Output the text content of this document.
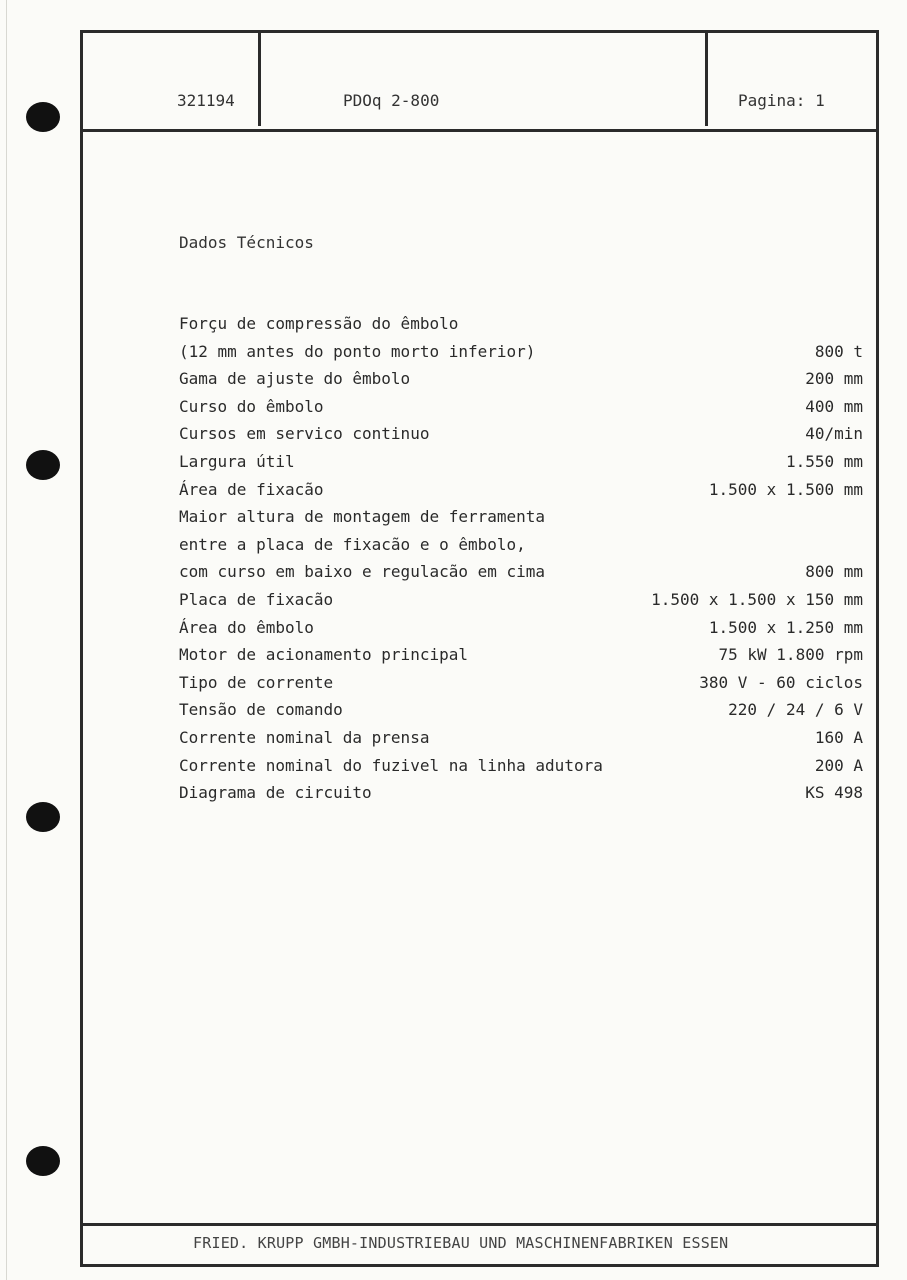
321194	PDOq 2-800	Pagina: 1
Dados Técnicos
Forçu de compressão do êmbolo
(12 mm antes do ponto morto inferior)	800 t
Gama de ajuste do êmbolo	200 mm
Curso do êmbolo	400 mm
Cursos em servico continuo	40/min
Largura útil	1.550 mm
Área de fixacão	1.500 x 1.500 mm
Maior altura de montagem de ferramenta
entre a placa de fixacão e o êmbolo,
com curso em baixo e regulacão em cima	800 mm
Placa de fixacão	1.500 x 1.500 x 150 mm
Área do êmbolo	1.500 x 1.250 mm
Motor de acionamento principal	75 kW 1.800 rpm
Tipo de corrente	380 V - 60 ciclos
Tensão de comando	220 / 24 / 6 V
Corrente nominal da prensa	160 A
Corrente nominal do fuzivel na linha adutora	200 A
Diagrama de circuito	KS 498
FRIED. KRUPP GMBH-INDUSTRIEBAU UND MASCHINENFABRIKEN ESSEN
